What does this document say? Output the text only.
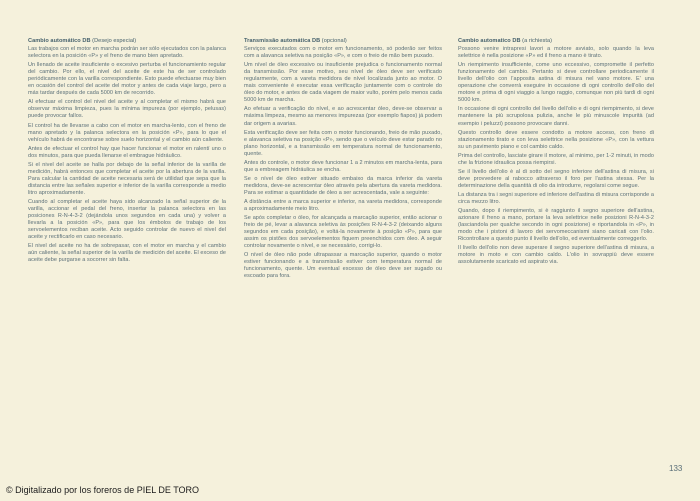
Cambio automático DB (Desejo especial)

Las trabajos con el motor en marcha podrán ser sólo ejecutados con la palanca selectora en la posición «P» y el freno de mano bien apretado.

Un llenado de aceite insuficiente o excesivo perturba el funcionamiento regular del cambio. Por ello, el nivel del aceite de este ha de ser controlado periódicamente con la varilla correspondiente. Esto puede efectuarse muy bien en ocasión del control del aceite del motor y antes de cada viaje largo, pero a más tardar después de cada 5000 km de recorrido.

Al efectuar el control del nivel del aceite y al completar el mismo habrá que observar máxima limpieza, pues la mínima impureza (por ejemplo, pelusas) puede provocar fallos.

El control ha de llevarse a cabo con el motor en marcha-lento, con el freno de mano apretado y la palanca selectora en la posición «P», para lo que el vehículo habrá de encontrarse sobre suelo horizontal y el cambio aún caliente.

Antes de efectuar el control hay que hacer funcionar el motor en ralentí uno o dos minutos, para que pueda llenarse el embrague hidráulico.

Si el nivel del aceite se halla por debajo de la señal inferior de la varilla de medición, habrá entonces que completar el aceite por la abertura de la varilla. Para calcular la cantidad de aceite necesaria será de utilidad que sepa que la distancia entre las señales superior e inferior de la varilla corresponde a medio litro aproximadamente.

Cuando al completar el aceite haya sido alcanzado la señal superior de la varilla, accionar el pedal del freno, insertar la palanca selectora en las posiciones R-N-4-3-2 (dejándola unos segundos en cada una) y volver a llevarla a la posición «P», para que los émbolos de trabajo de los servoelementos reciban aceite. Acto seguido controlar de nuevo el nivel del aceite y rectificarlo en caso necesario.

El nivel del aceite no ha de sobrepasar, con el motor en marcha y el cambio aún caliente, la señal superior de la varilla de medición del aceite. El exceso de aceite debe purgarse a socorrer sin falta.

Transmissão automática DB (opcional)

Serviços executados com o motor em funcionamento, só poderão ser feitos com a alavanca seletiva na posição «P», e com o freio de mão bem puxado.

Um nível de óleo excessivo ou insuficiente prejudica o funcionamento normal da transmissão. Por esse motivo, seu nível de óleo deve ser verificado regularmente, com a vareta medidora de nível localizada junto ao motor. O mais conveniente é executar essa verificação juntamente com o controle do óleo do motor, e antes de cada viagem de maior vulto, porém pelo menos cada 5000 km de marcha.

Ao efetuar a verificação do nível, e ao acrescentar óleo, deve-se observar a máxima limpeza, mesmo as menores impurezas (por exemplo fiapos) já podem dar origem a avarias.

Esta verificação deve ser feita com o motor funcionando, freio de mão puxado, e alavanca seletiva na posição «P», sendo que o veículo deve estar parado no plano horizontal, e a transmissão em temperatura normal de funcionamento, quente.

Antes do controle, o motor deve funcionar 1 a 2 minutos em marcha-lenta, para que a embreagem hidráulica se encha.

Se o nível de óleo estiver situado embaixo da marca inferior da vareta medidora, deve-se acrescentar óleo através pela abertura da vareta medidora. Para se estimar a quantidade de óleo a ser acrescentada, vale a seguinte:

A distância entre a marca superior e inferior, na vareta medidora, corresponde a aproximadamente meio litro.

Se após completar o óleo, for alcançada a marcação superior, então acionar o freio de pé, levar a alavanca seletiva às posições R-N-4-3-2 (deixando alguns segundos em cada posição), e voltá-la novamente à posição «P», para que assim os pistões dos servoelementos fiquem preenchidos com óleo. A seguir controlar novamente o nível, e se necessário, corrigi-lo.

O nível de óleo não pode ultrapassar a marcação superior, quando o motor estiver funcionando e a transmissão estiver com temperatura normal de funcionamento, quente. Um eventual excesso de óleo deve ser sugado ou escoado para fora.

Cambio automatico DB (a richiesta)

Possono venire intrapresi lavori a motore avviato, solo quando la leva selettrice è nella posizione «P» ed il freno a mano è tirato.

Un riempimento insufficiente, come uno eccessivo, compromette il perfetto funzionamento del cambio. Pertanto si deve controllare periodicamente il livello dell'olio con l'apposita astina di misura nel vano motore. E' una operazione che converrà eseguire in occasione di ogni controllo dell'olio del motore e prima di ogni viaggio a lungo raggio, comunque non più tardi di ogni 5000 km.

In occasione di ogni controllo del livello dell'olio e di ogni riempimento, si deve mantenere la più scrupolosa pulizia, anche le più minuscole impurità (ad esempio i peluzzi) possono provocare danni.

Questo controllo deve essere condotto a motore acceso, con freno di stazionamento tirato e con leva selettrice nella posizione «P», con la vettura su un pavimento piano e col cambio caldo.

Prima del controllo, lasciate girare il motore, al minimo, per 1-2 minuti, in modo che la frizione idraulica possa riempirsi.

Se il livello dell'olio è al di sotto del segno inferiore dell'astina di misura, si deve provvedere al rabocco attraverso il foro per l'astina stessa. Per la determinazione della quantità di olio da introdurre, regolarsi come segue.

La distanza tra i segni superiore ed inferiore dell'astina di misura corrisponde a circa mezzo litro.

Quando, dopo il riempimento, si è raggiunto il segno superiore dell'astina, azionare il freno a mano, portare la leva selettrice nelle posizioni R-N-4-3-2 (lasciandola per qualche secondo in ogni posizione) e riportandola in «P», in modo che i pistoni di lavoro dei servomeccanismi siano caricati con l'olio. Ricontrollare a questo punto il livello dell'olio, ed eventualmente correggerlo.

Il livello dell'olio non deve superare il segno superiore dell'astina di misura, a motore in moto e con cambio caldo. L'olio in sovrappiù deve essere assolutamente scaricato ed aspirato via.

133
© Digitalizado por los foreros de PIEL DE TORO
